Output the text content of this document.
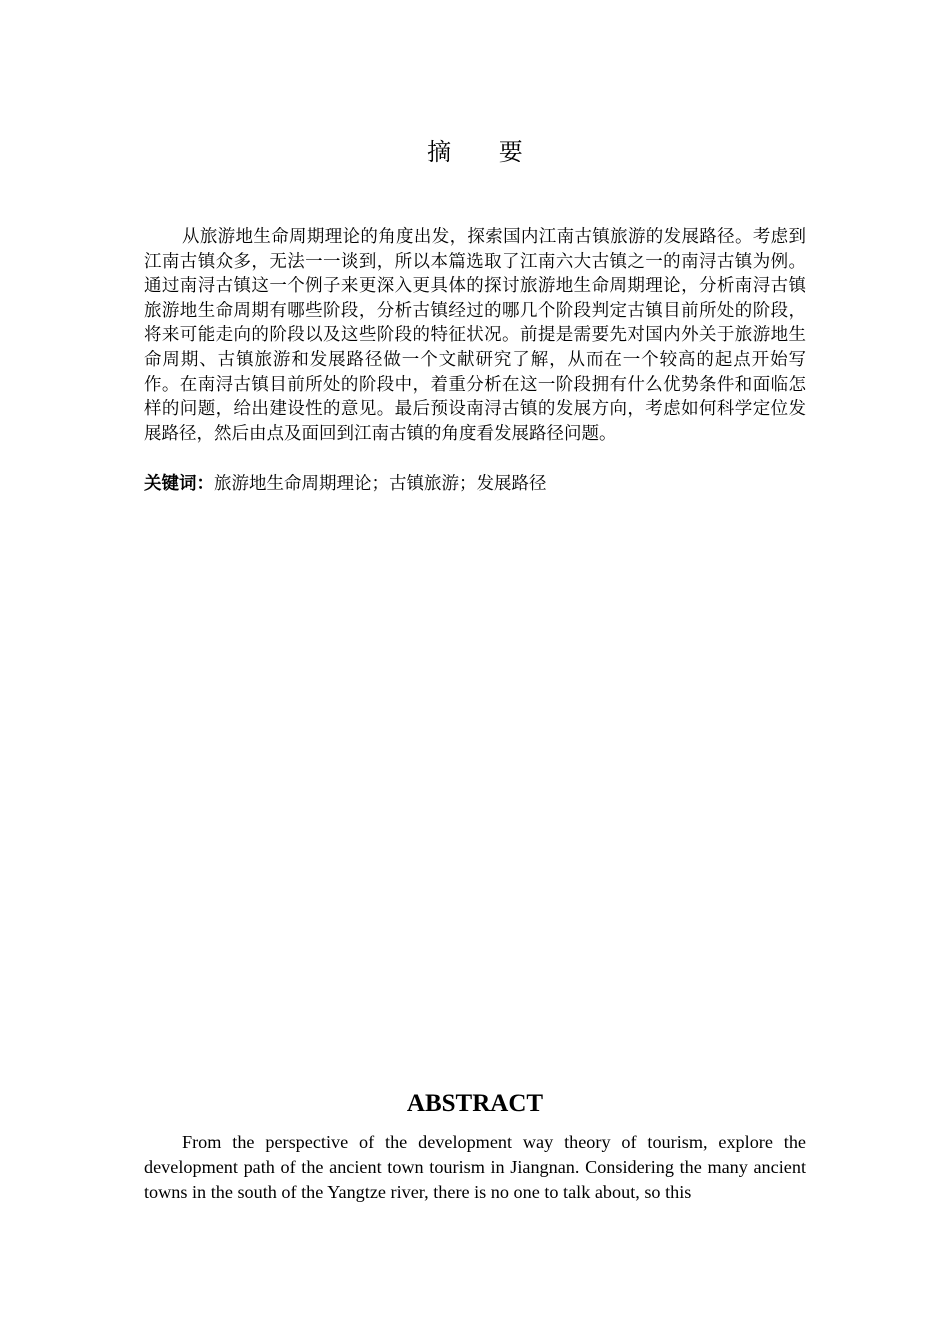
摘 要

从旅游地生命周期理论的角度出发，探索国内江南古镇旅游的发展路径。考虑到江南古镇众多，无法一一谈到，所以本篇选取了江南六大古镇之一的南浔古镇为例。通过南浔古镇这一个例子来更深入更具体的探讨旅游地生命周期理论，分析南浔古镇旅游地生命周期有哪些阶段，分析古镇经过的哪几个阶段判定古镇目前所处的阶段，将来可能走向的阶段以及这些阶段的特征状况。前提是需要先对国内外关于旅游地生命周期、古镇旅游和发展路径做一个文献研究了解，从而在一个较高的起点开始写作。在南浔古镇目前所处的阶段中，着重分析在这一阶段拥有什么优势条件和面临怎样的问题，给出建设性的意见。最后预设南浔古镇的发展方向，考虑如何科学定位发展路径，然后由点及面回到江南古镇的角度看发展路径问题。

关键词：旅游地生命周期理论；古镇旅游；发展路径

ABSTRACT

From the perspective of the development way theory of tourism, explore the development path of the ancient town tourism in Jiangnan. Considering the many ancient towns in the south of the Yangtze river, there is no one to talk about, so this
